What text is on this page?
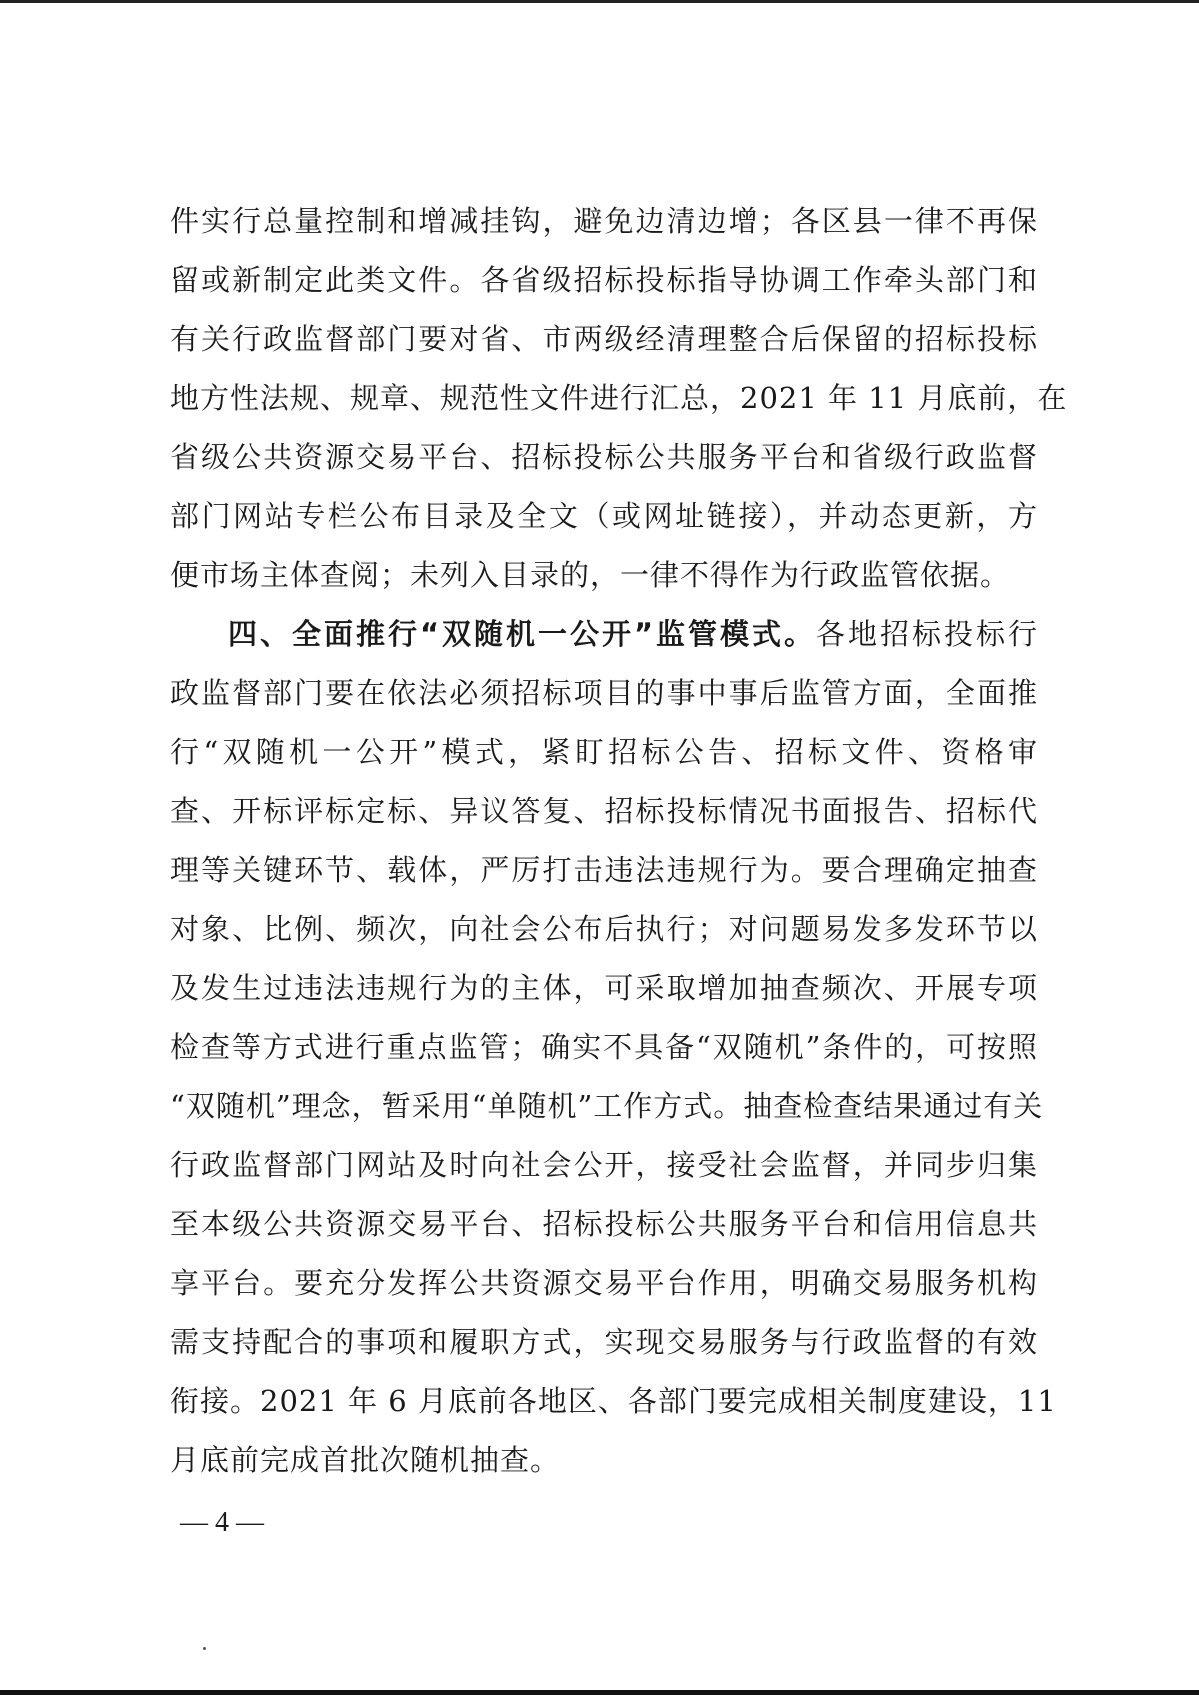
件实行总量控制和增减挂钩，避免边清边增；各区县一律不再保
留或新制定此类文件。各省级招标投标指导协调工作牵头部门和
有关行政监督部门要对省、市两级经清理整合后保留的招标投标
地方性法规、规章、规范性文件进行汇总，2021 年 11 月底前，在
省级公共资源交易平台、招标投标公共服务平台和省级行政监督
部门网站专栏公布目录及全文（或网址链接），并动态更新，方
便市场主体查阅；未列入目录的，一律不得作为行政监管依据。
四、全面推行“双随机一公开”监管模式。各地招标投标行
政监督部门要在依法必须招标项目的事中事后监管方面，全面推
行“双随机一公开”模式，紧盯招标公告、招标文件、资格审
查、开标评标定标、异议答复、招标投标情况书面报告、招标代
理等关键环节、载体，严厉打击违法违规行为。要合理确定抽查
对象、比例、频次，向社会公布后执行；对问题易发多发环节以
及发生过违法违规行为的主体，可采取增加抽查频次、开展专项
检查等方式进行重点监管；确实不具备“双随机”条件的，可按照
“双随机”理念，暂采用“单随机”工作方式。抽查检查结果通过有关
行政监督部门网站及时向社会公开，接受社会监督，并同步归集
至本级公共资源交易平台、招标投标公共服务平台和信用信息共
享平台。要充分发挥公共资源交易平台作用，明确交易服务机构
需支持配合的事项和履职方式，实现交易服务与行政监督的有效
衔接。2021 年 6 月底前各地区、各部门要完成相关制度建设，11
月底前完成首批次随机抽查。
— 4 —
